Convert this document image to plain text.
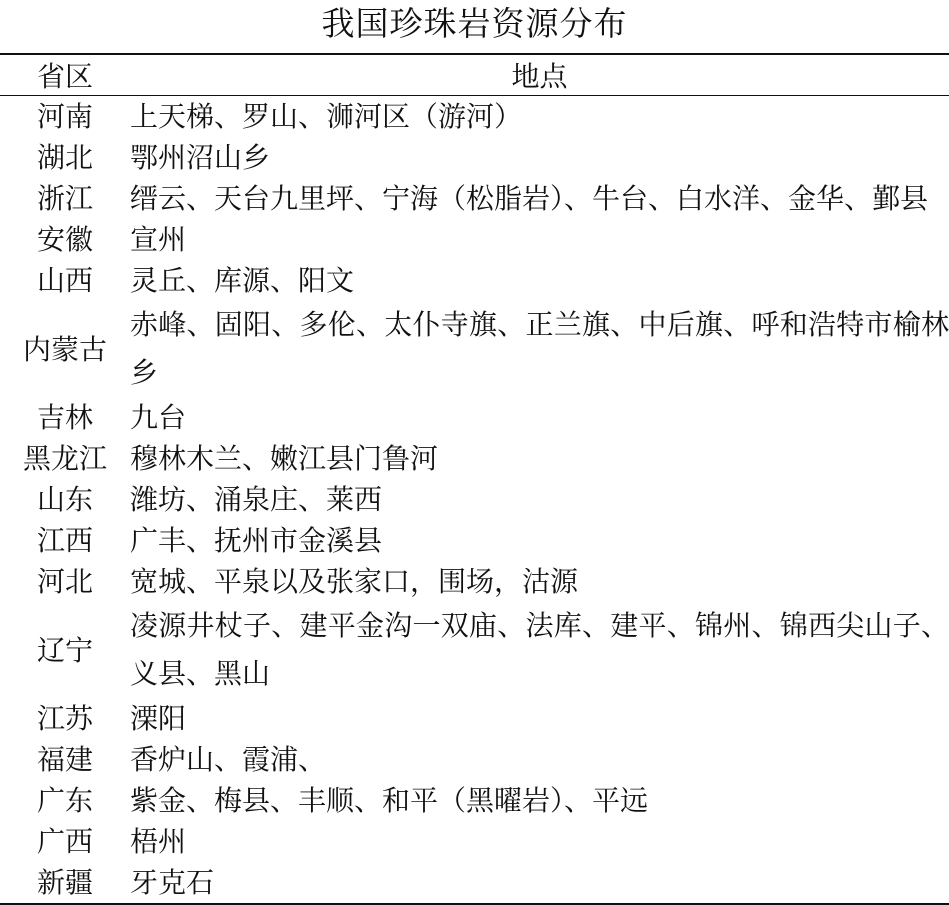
我国珍珠岩资源分布
省区	地点
河南	上天梯、罗山、浉河区（游河）
湖北	鄂州沼山乡
浙江	缙云、天台九里坪、宁海（松脂岩）、牛台、白水洋、金华、鄞县
安徽	宣州
山西	灵丘、库源、阳文
内蒙古	赤峰、固阳、多伦、太仆寺旗、正兰旗、中后旗、呼和浩特市榆林乡
吉林	九台
黑龙江	穆林木兰、嫩江县门鲁河
山东	潍坊、涌泉庄、莱西
江西	广丰、抚州市金溪县
河北	宽城、平泉以及张家口，围场，沽源
辽宁	凌源井杖子、建平金沟一双庙、法库、建平、锦州、锦西尖山子、义县、黑山
江苏	溧阳
福建	香炉山、霞浦、
广东	紫金、梅县、丰顺、和平（黑曜岩）、平远
广西	梧州
新疆	牙克石
